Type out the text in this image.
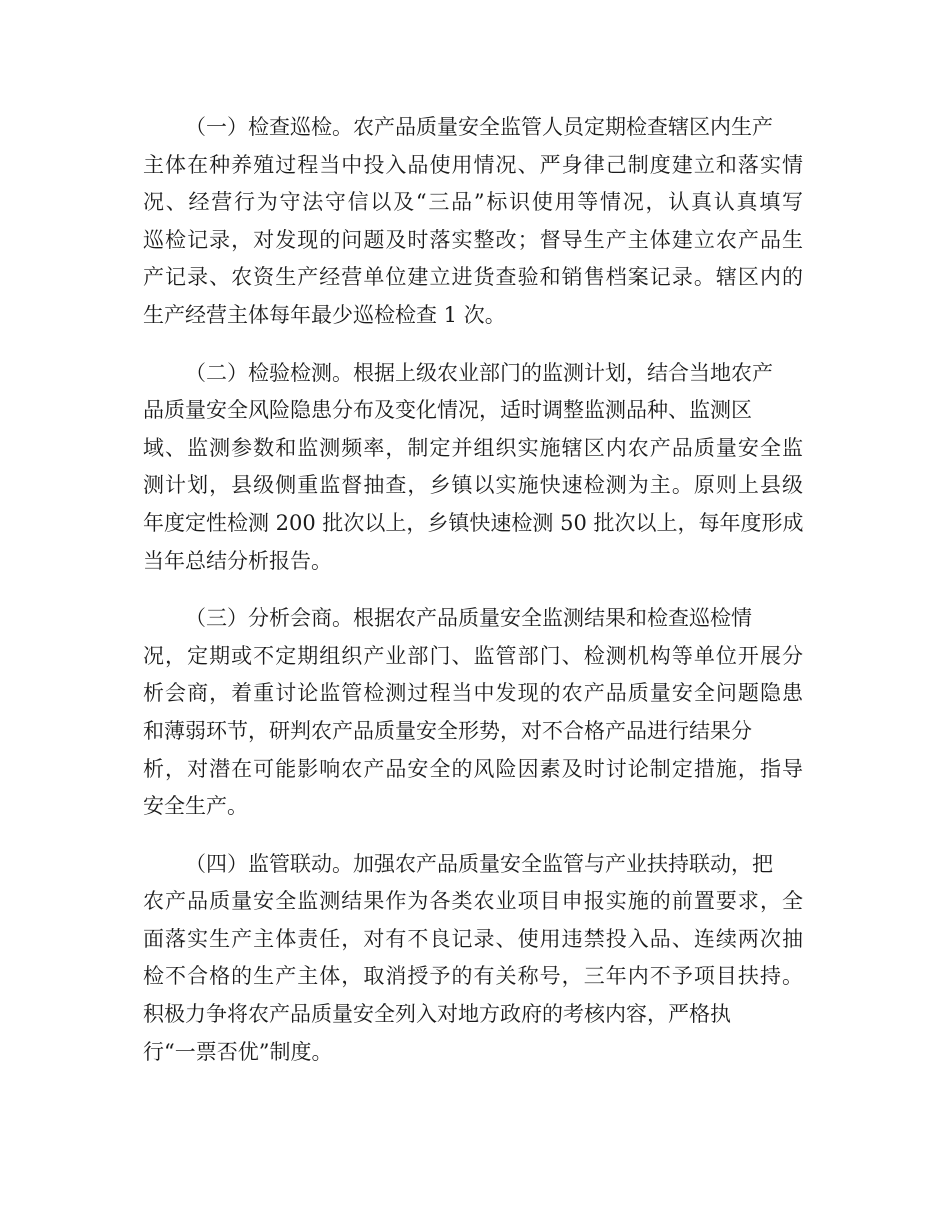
（一）检查巡检。农产品质量安全监管人员定期检查辖区内生产
主体在种养殖过程当中投入品使用情况、严身律己制度建立和落实情
况、经营行为守法守信以及“三品”标识使用等情况，认真认真填写
巡检记录，对发现的问题及时落实整改；督导生产主体建立农产品生
产记录、农资生产经营单位建立进货查验和销售档案记录。辖区内的
生产经营主体每年最少巡检检查 1 次。
（二）检验检测。根据上级农业部门的监测计划，结合当地农产
品质量安全风险隐患分布及变化情况，适时调整监测品种、监测区
域、监测参数和监测频率，制定并组织实施辖区内农产品质量安全监
测计划，县级侧重监督抽查，乡镇以实施快速检测为主。原则上县级
年度定性检测 200 批次以上，乡镇快速检测 50 批次以上，每年度形成
当年总结分析报告。
（三）分析会商。根据农产品质量安全监测结果和检查巡检情
况，定期或不定期组织产业部门、监管部门、检测机构等单位开展分
析会商，着重讨论监管检测过程当中发现的农产品质量安全问题隐患
和薄弱环节，研判农产品质量安全形势，对不合格产品进行结果分
析，对潜在可能影响农产品安全的风险因素及时讨论制定措施，指导
安全生产。
（四）监管联动。加强农产品质量安全监管与产业扶持联动，把
农产品质量安全监测结果作为各类农业项目申报实施的前置要求，全
面落实生产主体责任，对有不良记录、使用违禁投入品、连续两次抽
检不合格的生产主体，取消授予的有关称号，三年内不予项目扶持。
积极力争将农产品质量安全列入对地方政府的考核内容，严格执
行“一票否优”制度。
